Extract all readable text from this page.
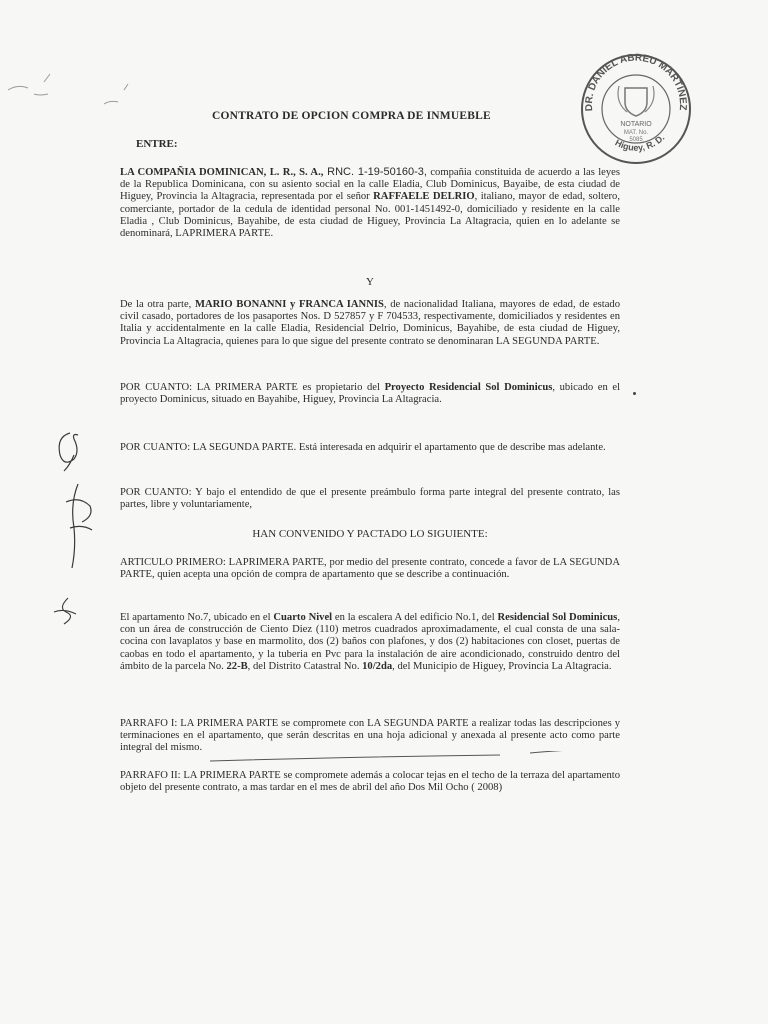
DR. DANIEL ABREU MARTINEZ
Higuey, R. D.
NOTARIO
MAT. No.
5085
CONTRATO DE OPCION COMPRA DE INMUEBLE
ENTRE:
LA COMPAÑIA DOMINICAN, L. R., S. A., RNC. 1-19-50160-3, compañia constituida de acuerdo a las leyes de la Republica Dominicana, con su asiento social en la calle Eladia, Club Dominicus, Bayaibe, de esta ciudad de Higuey, Provincia la Altagracia, representada por el señor RAFFAELE DELRIO, italiano, mayor de edad, soltero, comerciante, portador de la cedula de identidad personal No. 001-1451492-0, domiciliado y residente en la calle Eladia , Club Dominicus, Bayahibe, de esta ciudad de Higuey, Provincia La Altagracia, quien en lo adelante se denominará, LAPRIMERA PARTE.
Y
De la otra parte, MARIO BONANNI y FRANCA IANNIS, de nacionalidad Italiana, mayores de edad, de estado civil casado, portadores de los pasaportes Nos. D 527857 y F 704533, respectivamente, domiciliados y residentes en Italia y accidentalmente en la calle Eladia, Residencial Delrio, Dominicus, Bayahibe, de esta ciudad de Higuey, Provincia La Altagracia, quienes para lo que sigue del presente contrato se denominaran LA SEGUNDA PARTE.
POR CUANTO: LA PRIMERA PARTE es propietario del Proyecto Residencial Sol Dominicus, ubicado en el proyecto Dominicus, situado en Bayahibe, Higuey, Provincia La Altagracia.
POR CUANTO: LA SEGUNDA PARTE. Está interesada en adquirir el apartamento que de describe mas adelante.
POR CUANTO: Y bajo el entendido de que el presente preámbulo forma parte integral del presente contrato, las partes, libre y voluntariamente,
HAN CONVENIDO Y PACTADO LO SIGUIENTE:
ARTICULO PRIMERO: LAPRIMERA PARTE, por medio del presente contrato, concede a favor de LA SEGUNDA PARTE, quien acepta una opción de compra de apartamento que se describe a continuación.
El apartamento No.7, ubicado en el Cuarto Nivel en la escalera A del edificio No.1, del Residencial Sol Dominicus, con un área de construcción de Ciento Diez (110) metros cuadrados aproximadamente, el cual consta de una sala-cocina con lavaplatos y base en marmolito, dos (2) baños con plafones, y dos (2) habitaciones con closet, puertas de caobas en todo el apartamento, y la tuberia en Pvc para la instalación de aire acondicionado, construido dentro del ámbito de la parcela No. 22-B, del Distrito Catastral No. 10/2da, del Municipio de Higuey, Provincia La Altagracia.
PARRAFO I: LA PRIMERA PARTE se compromete con LA SEGUNDA PARTE a realizar todas las descripciones y terminaciones en el apartamento, que serán descritas en una hoja adicional y anexada al presente acto como parte integral del mismo.
PARRAFO II: LA PRIMERA PARTE se compromete además a colocar tejas en el techo de la terraza del apartamento objeto del presente contrato, a mas tardar en el mes de abril del año Dos Mil Ocho ( 2008)
